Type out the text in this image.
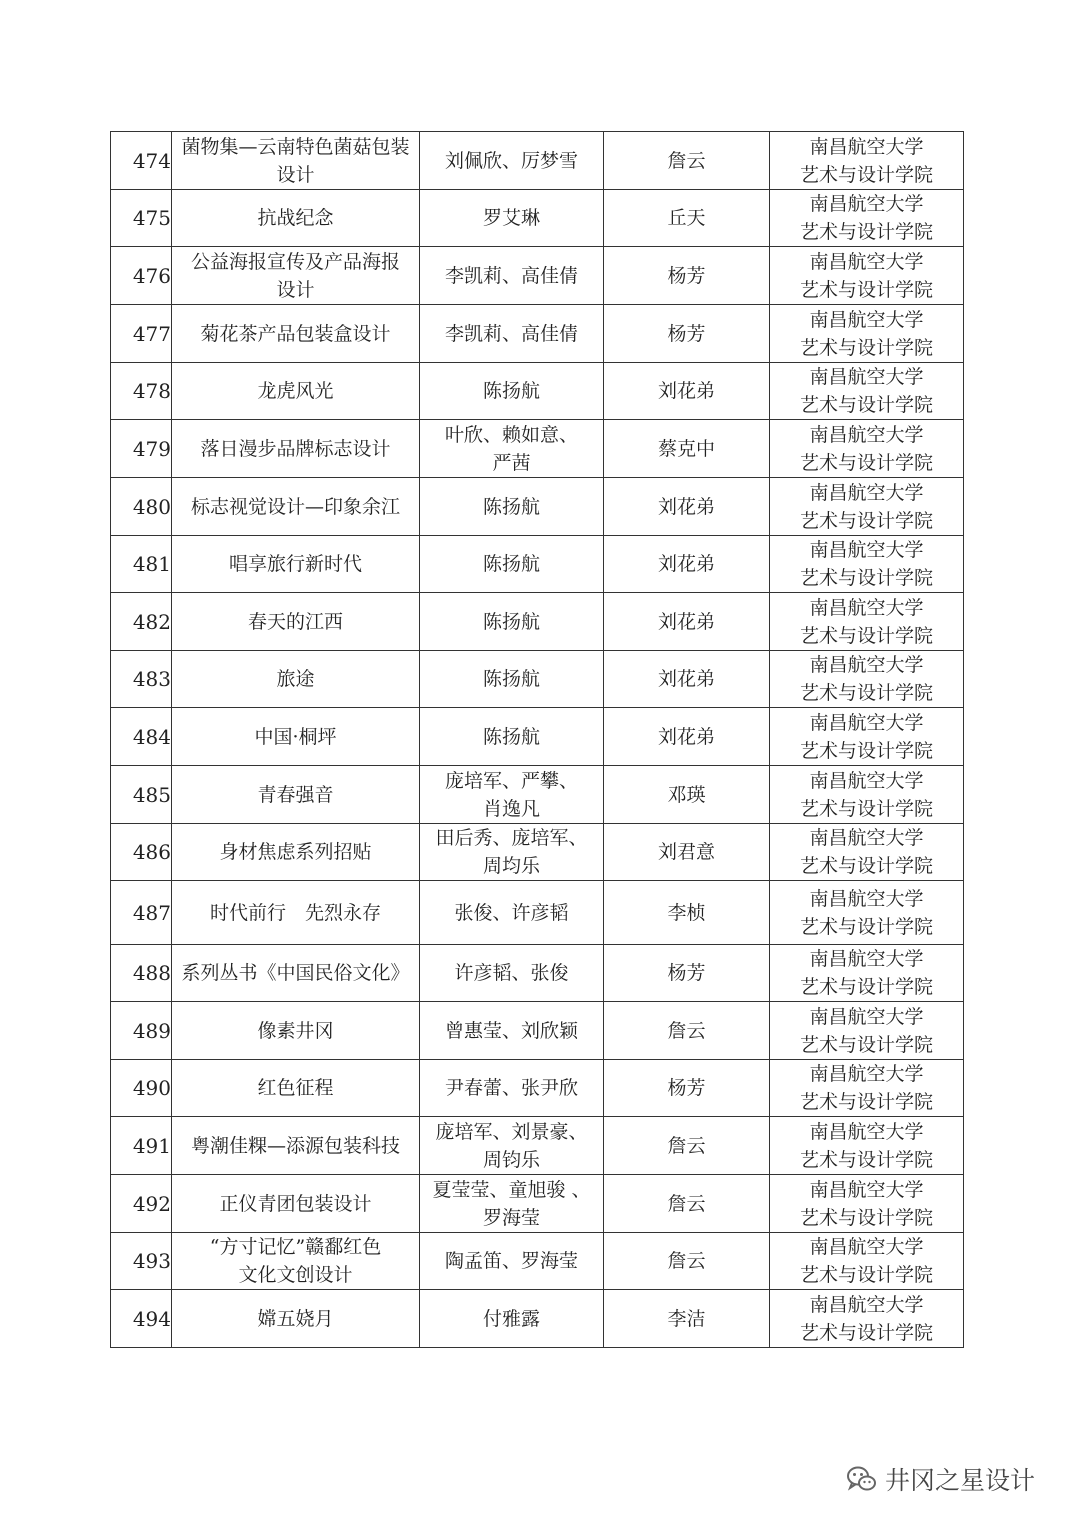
474	菌物集—云南特色菌菇包装
设计	刘佩欣、厉梦雪	詹云	南昌航空大学
艺术与设计学院

475	抗战纪念	罗艾琳	丘天	南昌航空大学
艺术与设计学院

476	公益海报宣传及产品海报
设计	李凯莉、高佳倩	杨芳	南昌航空大学
艺术与设计学院

477	菊花茶产品包装盒设计	李凯莉、高佳倩	杨芳	南昌航空大学
艺术与设计学院

478	龙虎风光	陈扬航	刘花弟	南昌航空大学
艺术与设计学院

479	落日漫步品牌标志设计	叶欣、赖如意、
严茜	蔡克中	南昌航空大学
艺术与设计学院

480	标志视觉设计—印象余江	陈扬航	刘花弟	南昌航空大学
艺术与设计学院

481	唱享旅行新时代	陈扬航	刘花弟	南昌航空大学
艺术与设计学院

482	春天的江西	陈扬航	刘花弟	南昌航空大学
艺术与设计学院

483	旅途	陈扬航	刘花弟	南昌航空大学
艺术与设计学院

484	中国·桐坪	陈扬航	刘花弟	南昌航空大学
艺术与设计学院

485	青春强音	庞培军、严攀、
肖逸凡	邓瑛	南昌航空大学
艺术与设计学院

486	身材焦虑系列招贴	田后秀、庞培军、
周均乐	刘君意	南昌航空大学
艺术与设计学院

487	时代前行　先烈永存	张俊、许彦韬	李桢	南昌航空大学
艺术与设计学院

488	系列丛书《中国民俗文化》	许彦韬、张俊	杨芳	南昌航空大学
艺术与设计学院

489	像素井冈	曾惠莹、刘欣颖	詹云	南昌航空大学
艺术与设计学院

490	红色征程	尹春蕾、张尹欣	杨芳	南昌航空大学
艺术与设计学院

491	粤潮佳粿—添源包装科技	庞培军、刘景豪、
周钧乐	詹云	南昌航空大学
艺术与设计学院

492	正仪青团包装设计	夏莹莹、童旭骏 、
罗海莹	詹云	南昌航空大学
艺术与设计学院

493	“方寸记忆”赣鄱红色
文化文创设计	陶孟笛、罗海莹	詹云	南昌航空大学
艺术与设计学院

494	嫦五娆月	付雅露	李洁	南昌航空大学
艺术与设计学院
井冈之星设计
